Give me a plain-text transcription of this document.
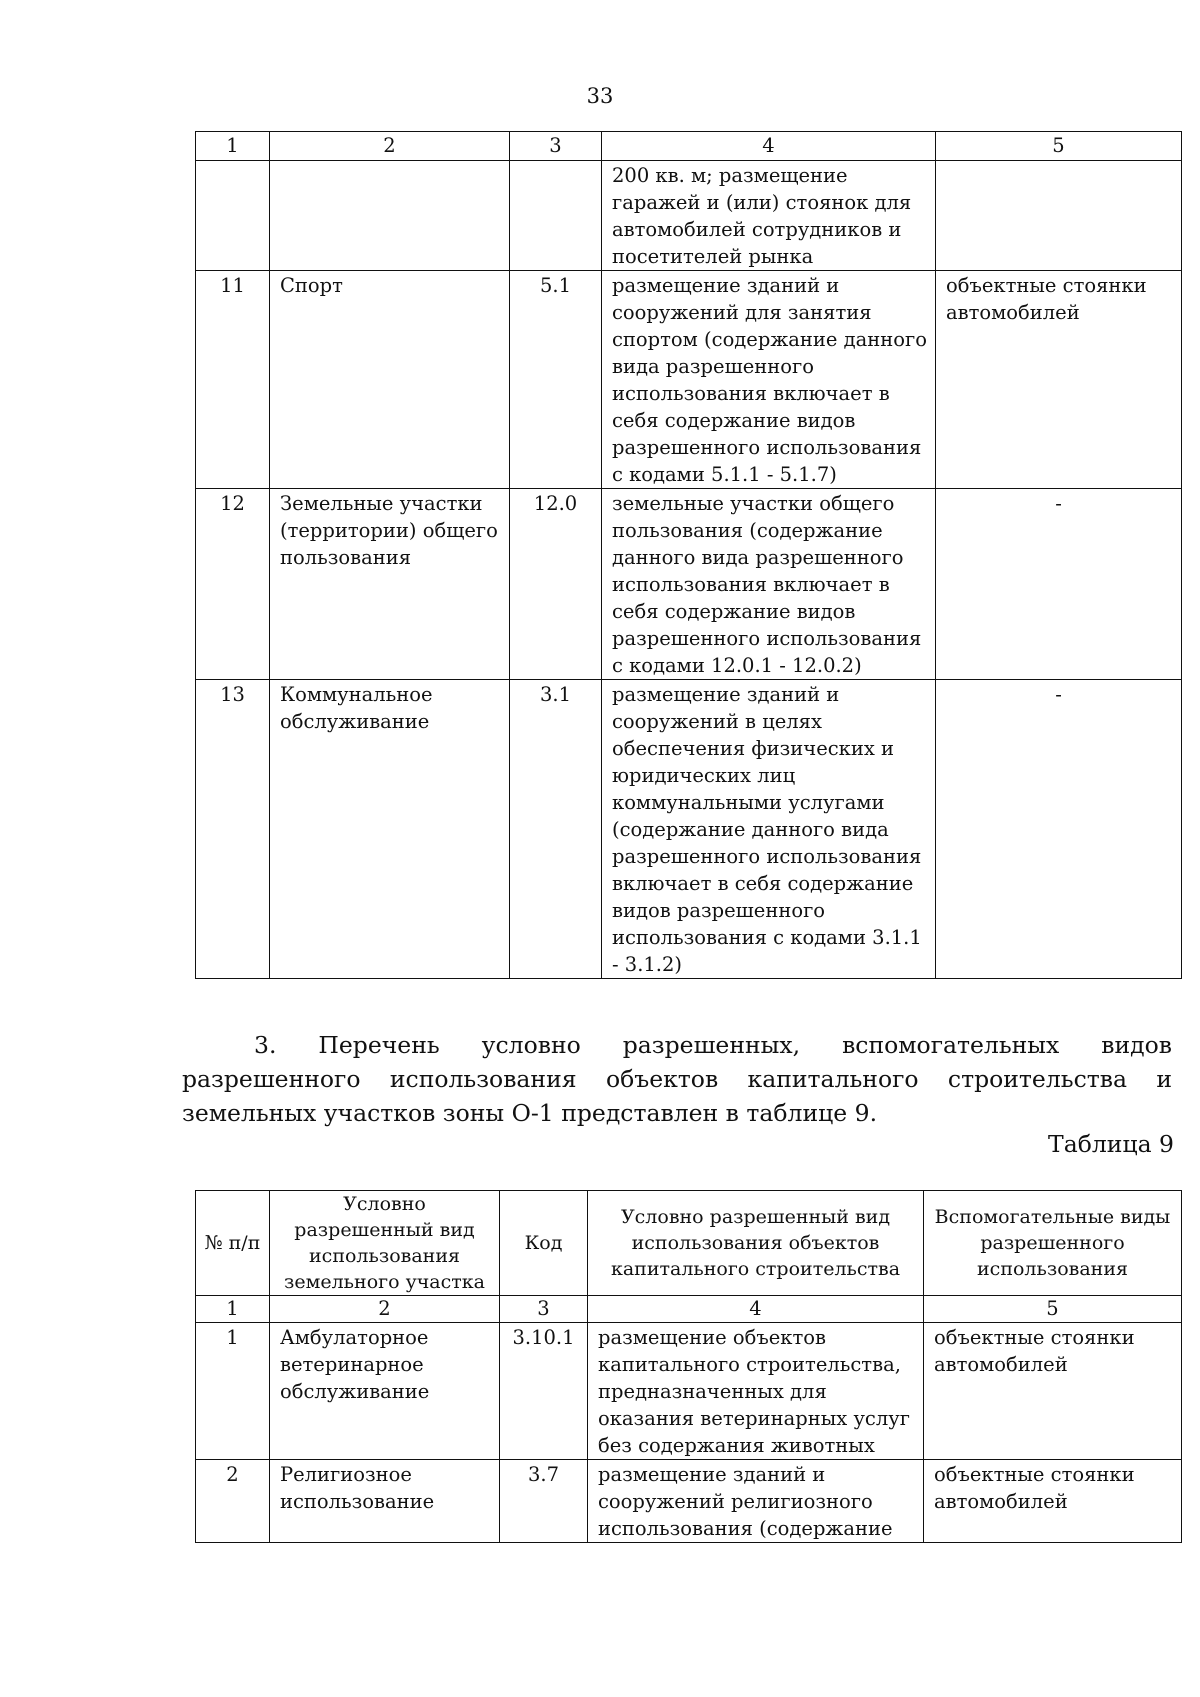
33
1	2	3	4	5
			200 кв. м; размещение гаражей и (или) стоянок для автомобилей сотрудников и посетителей рынка	
11	Спорт	5.1	размещение зданий и сооружений для занятия спортом (содержание данного вида разрешенного использования включает в себя содержание видов разрешенного использования с кодами 5.1.1 - 5.1.7)	объектные стоянки автомобилей
12	Земельные участки (территории) общего пользования	12.0	земельные участки общего пользования (содержание данного вида разрешенного использования включает в себя содержание видов разрешенного использования с кодами 12.0.1 - 12.0.2)	-
13	Коммунальное обслуживание	3.1	размещение зданий и сооружений в целях обеспечения физических и юридических лиц коммунальными услугами (содержание данного вида разрешенного использования включает в себя содержание видов разрешенного использования с кодами 3.1.1 - 3.1.2)	-
3. Перечень условно разрешенных, вспомогательных видов разрешенного использования объектов капитального строительства и земельных участков зоны О-1 представлен в таблице 9.
Таблица 9
№ п/п	Условно разрешенный вид использования земельного участка	Код	Условно разрешенный вид использования объектов капитального строительства	Вспомогательные виды разрешенного использования
1	2	3	4	5
1	Амбулаторное ветеринарное обслуживание	3.10.1	размещение объектов капитального строительства, предназначенных для оказания ветеринарных услуг без содержания животных	объектные стоянки автомобилей
2	Религиозное использование	3.7	размещение зданий и сооружений религиозного использования (содержание	объектные стоянки автомобилей
